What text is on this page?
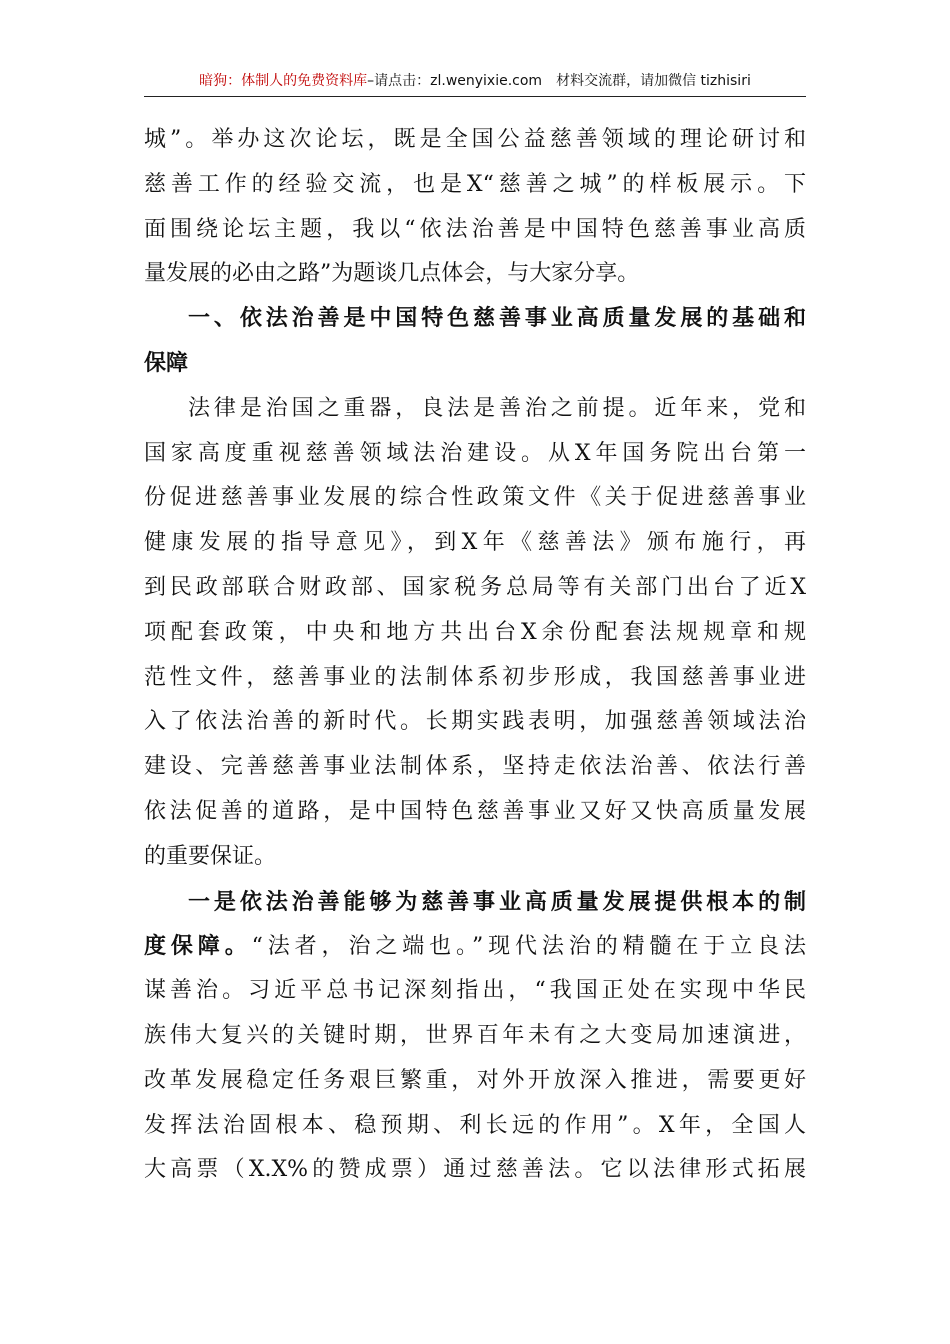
暗狗：体制人的免费资料库–请点击：zl.wenyixie.com 材料交流群，请加微信 tizhisiri
城”。举办这次论坛，既是全国公益慈善领域的理论研讨和
慈善工作的经验交流，也是X“慈善之城”的样板展示。下
面围绕论坛主题，我以“依法治善是中国特色慈善事业高质
量发展的必由之路”为题谈几点体会，与大家分享。
一、依法治善是中国特色慈善事业高质量发展的基础和
保障
法律是治国之重器，良法是善治之前提。近年来，党和
国家高度重视慈善领域法治建设。从X年国务院出台第一
份促进慈善事业发展的综合性政策文件《关于促进慈善事业
健康发展的指导意见》，到X年《慈善法》颁布施行，再
到民政部联合财政部、国家税务总局等有关部门出台了近X
项配套政策，中央和地方共出台X余份配套法规规章和规
范性文件，慈善事业的法制体系初步形成，我国慈善事业进
入了依法治善的新时代。长期实践表明，加强慈善领域法治
建设、完善慈善事业法制体系，坚持走依法治善、依法行善
依法促善的道路，是中国特色慈善事业又好又快高质量发展
的重要保证。
一是依法治善能够为慈善事业高质量发展提供根本的制
度保障。“法者，治之端也。”现代法治的精髓在于立良法
谋善治。习近平总书记深刻指出，“我国正处在实现中华民
族伟大复兴的关键时期，世界百年未有之大变局加速演进，
改革发展稳定任务艰巨繁重，对外开放深入推进，需要更好
发挥法治固根本、稳预期、利长远的作用”。X年，全国人
大高票（X.X%的赞成票）通过慈善法。它以法律形式拓展
